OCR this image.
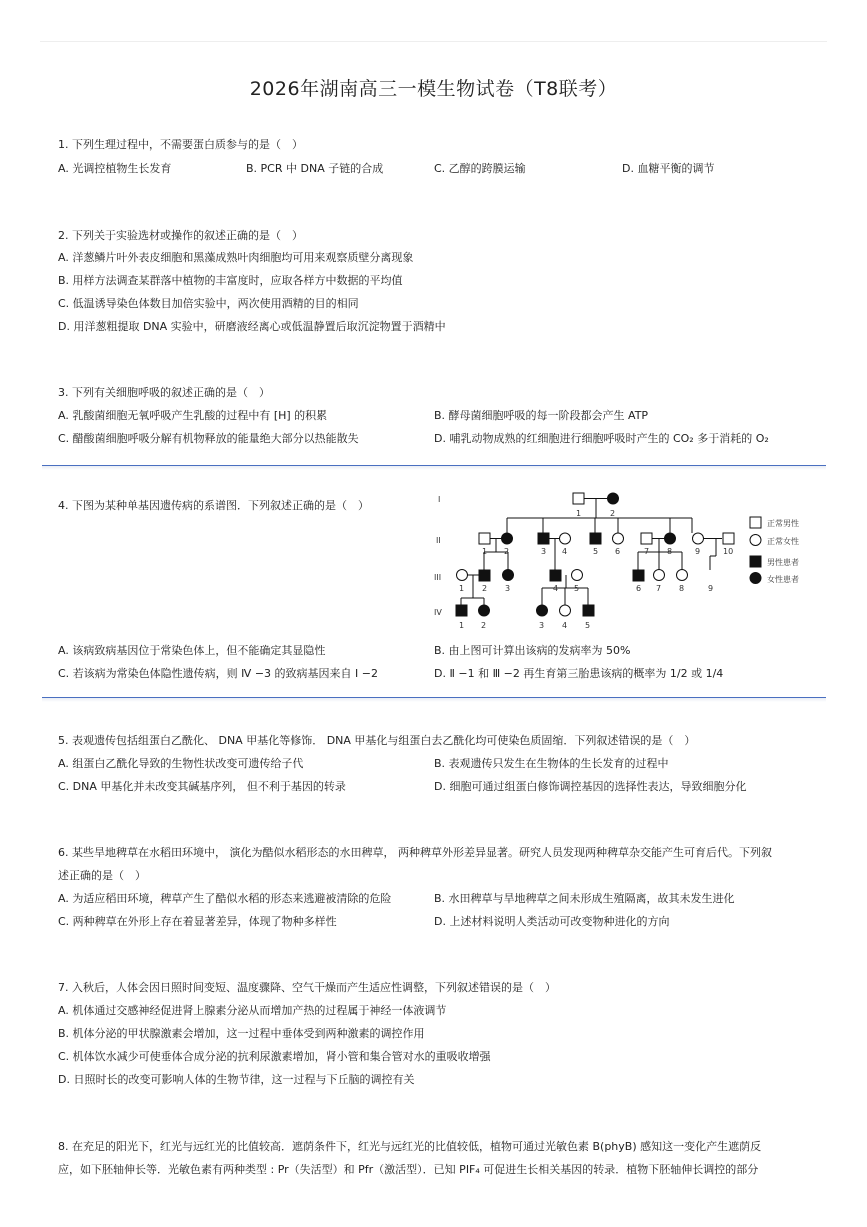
2026年湖南高三一模生物试卷（T8联考）
1. 下列生理过程中，不需要蛋白质参与的是（　）
A. 光调控植物生长发育	B. PCR 中 DNA 子链的合成	C. 乙醇的跨膜运输	D. 血糖平衡的调节
2. 下列关于实验选材或操作的叙述正确的是（　）
A. 洋葱鳞片叶外表皮细胞和黑藻成熟叶肉细胞均可用来观察质壁分离现象
B. 用样方法调查某群落中植物的丰富度时，应取各样方中数据的平均值
C. 低温诱导染色体数目加倍实验中，两次使用酒精的目的相同
D. 用洋葱粗提取 DNA 实验中，研磨液经离心或低温静置后取沉淀物置于酒精中
3. 下列有关细胞呼吸的叙述正确的是（　）
A. 乳酸菌细胞无氧呼吸产生乳酸的过程中有 [H] 的积累	B. 酵母菌细胞呼吸的每一阶段都会产生 ATP
C. 醋酸菌细胞呼吸分解有机物释放的能量绝大部分以热能散失	D. 哺乳动物成熟的红细胞进行细胞呼吸时产生的 CO₂ 多于消耗的 O₂
4. 下图为某种单基因遗传病的系谱图．下列叙述正确的是（　）	I
II
III
IV
1	2
1 2	3 4	5 6	7 8	9	10
1 2 3	4 5	6 7 8	9
1 2	3 4 5
正常男性
正常女性
男性患者
女性患者
A. 该病致病基因位于常染色体上，但不能确定其显隐性	B. 由上图可计算出该病的发病率为 50%
C. 若该病为常染色体隐性遗传病，则 Ⅳ −3 的致病基因来自 Ⅰ −2	D. Ⅱ −1 和 Ⅲ −2 再生育第三胎患该病的概率为 1/2 或 1/4
5. 表观遗传包括组蛋白乙酰化、 DNA 甲基化等修饰． DNA 甲基化与组蛋白去乙酰化均可使染色质固缩．下列叙述错误的是（　）
A. 组蛋白乙酰化导致的生物性状改变可遗传给子代	B. 表观遗传只发生在生物体的生长发育的过程中
C. DNA 甲基化并未改变其碱基序列， 但不利于基因的转录	D. 细胞可通过组蛋白修饰调控基因的选择性表达，导致细胞分化
6. 某些旱地稗草在水稻田环境中， 演化为酷似水稻形态的水田稗草， 两种稗草外形差异显著。研究人员发现两种稗草杂交能产生可育后代。下列叙
述正确的是（　）
A. 为适应稻田环境，稗草产生了酷似水稻的形态来逃避被清除的危险	B. 水田稗草与旱地稗草之间未形成生殖隔离，故其未发生进化
C. 两种稗草在外形上存在着显著差异，体现了物种多样性	D. 上述材料说明人类活动可改变物种进化的方向
7. 入秋后，人体会因日照时间变短、温度骤降、空气干燥而产生适应性调整，下列叙述错误的是（　）
A. 机体通过交感神经促进肾上腺素分泌从而增加产热的过程属于神经一体液调节
B. 机体分泌的甲状腺激素会增加，这一过程中垂体受到两种激素的调控作用
C. 机体饮水减少可使垂体合成分泌的抗利尿激素增加，肾小管和集合管对水的重吸收增强
D. 日照时长的改变可影响人体的生物节律，这一过程与下丘脑的调控有关
8. 在充足的阳光下，红光与远红光的比值较高．遮荫条件下，红光与远红光的比值较低，植物可通过光敏色素 B(phyB) 感知这一变化产生遮荫反
应，如下胚轴伸长等．光敏色素有两种类型 : Pr（失活型）和 Pfr（激活型）．已知 PIF₄ 可促进生长相关基因的转录．植物下胚轴伸长调控的部分
